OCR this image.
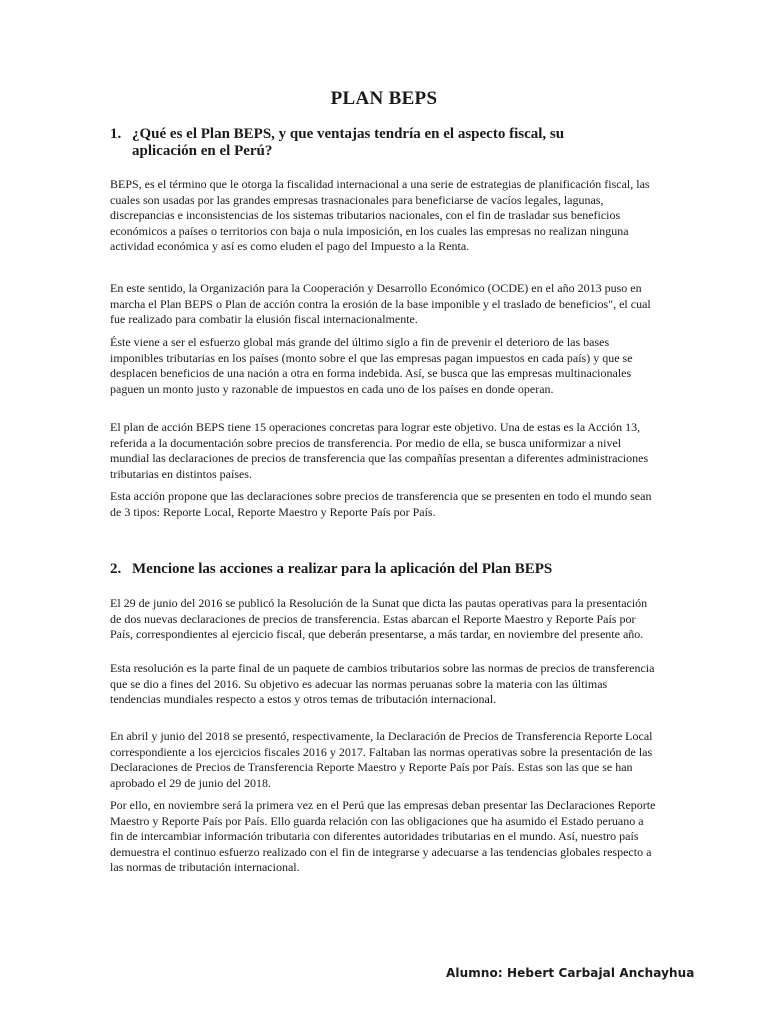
PLAN BEPS
1. ¿Qué es el Plan BEPS, y que ventajas tendría en el aspecto fiscal, su aplicación en el Perú?

BEPS, es el término que le otorga la fiscalidad internacional a una serie de estrategias de planificación fiscal, las cuales son usadas por las grandes empresas trasnacionales para beneficiarse de vacíos legales, lagunas, discrepancias e inconsistencias de los sistemas tributarios nacionales, con el fin de trasladar sus beneficios económicos a países o territorios con baja o nula imposición, en los cuales las empresas no realizan ninguna actividad económica y así es como eluden el pago del Impuesto a la Renta.

En este sentido, la Organización para la Cooperación y Desarrollo Económico (OCDE) en el año 2013 puso en marcha el Plan BEPS o Plan de acción contra la erosión de la base imponible y el traslado de beneficios", el cual fue realizado para combatir la elusión fiscal internacionalmente.

Éste viene a ser el esfuerzo global más grande del último siglo a fin de prevenir el deterioro de las bases imponibles tributarias en los países (monto sobre el que las empresas pagan impuestos en cada país) y que se desplacen beneficios de una nación a otra en forma indebida. Así, se busca que las empresas multinacionales paguen un monto justo y razonable de impuestos en cada uno de los países en donde operan.

El plan de acción BEPS tiene 15 operaciones concretas para lograr este objetivo. Una de estas es la Acción 13, referida a la documentación sobre precios de transferencia. Por medio de ella, se busca uniformizar a nivel mundial las declaraciones de precios de transferencia que las compañías presentan a diferentes administraciones tributarias en distintos países.

Esta acción propone que las declaraciones sobre precios de transferencia que se presenten en todo el mundo sean de 3 tipos: Reporte Local, Reporte Maestro y Reporte País por País.

2. Mencione las acciones a realizar para la aplicación del Plan BEPS

El 29 de junio del 2016 se publicó la Resolución de la Sunat que dicta las pautas operativas para la presentación de dos nuevas declaraciones de precios de transferencia. Estas abarcan el Reporte Maestro y Reporte País por País, correspondientes al ejercicio fiscal, que deberán presentarse, a más tardar, en noviembre del presente año.

Esta resolución es la parte final de un paquete de cambios tributarios sobre las normas de precios de transferencia que se dio a fines del 2016. Su objetivo es adecuar las normas peruanas sobre la materia con las últimas tendencias mundiales respecto a estos y otros temas de tributación internacional.

En abril y junio del 2018 se presentó, respectivamente, la Declaración de Precios de Transferencia Reporte Local correspondiente a los ejercicios fiscales 2016 y 2017. Faltaban las normas operativas sobre la presentación de las Declaraciones de Precios de Transferencia Reporte Maestro y Reporte País por País. Estas son las que se han aprobado el 29 de junio del 2018.

Por ello, en noviembre será la primera vez en el Perú que las empresas deban presentar las Declaraciones Reporte Maestro y Reporte País por País. Ello guarda relación con las obligaciones que ha asumido el Estado peruano a fin de intercambiar información tributaria con diferentes autoridades tributarias en el mundo. Así, nuestro país demuestra el continuo esfuerzo realizado con el fin de integrarse y adecuarse a las tendencias globales respecto a las normas de tributación internacional.

Alumno: Hebert Carbajal Anchayhua
